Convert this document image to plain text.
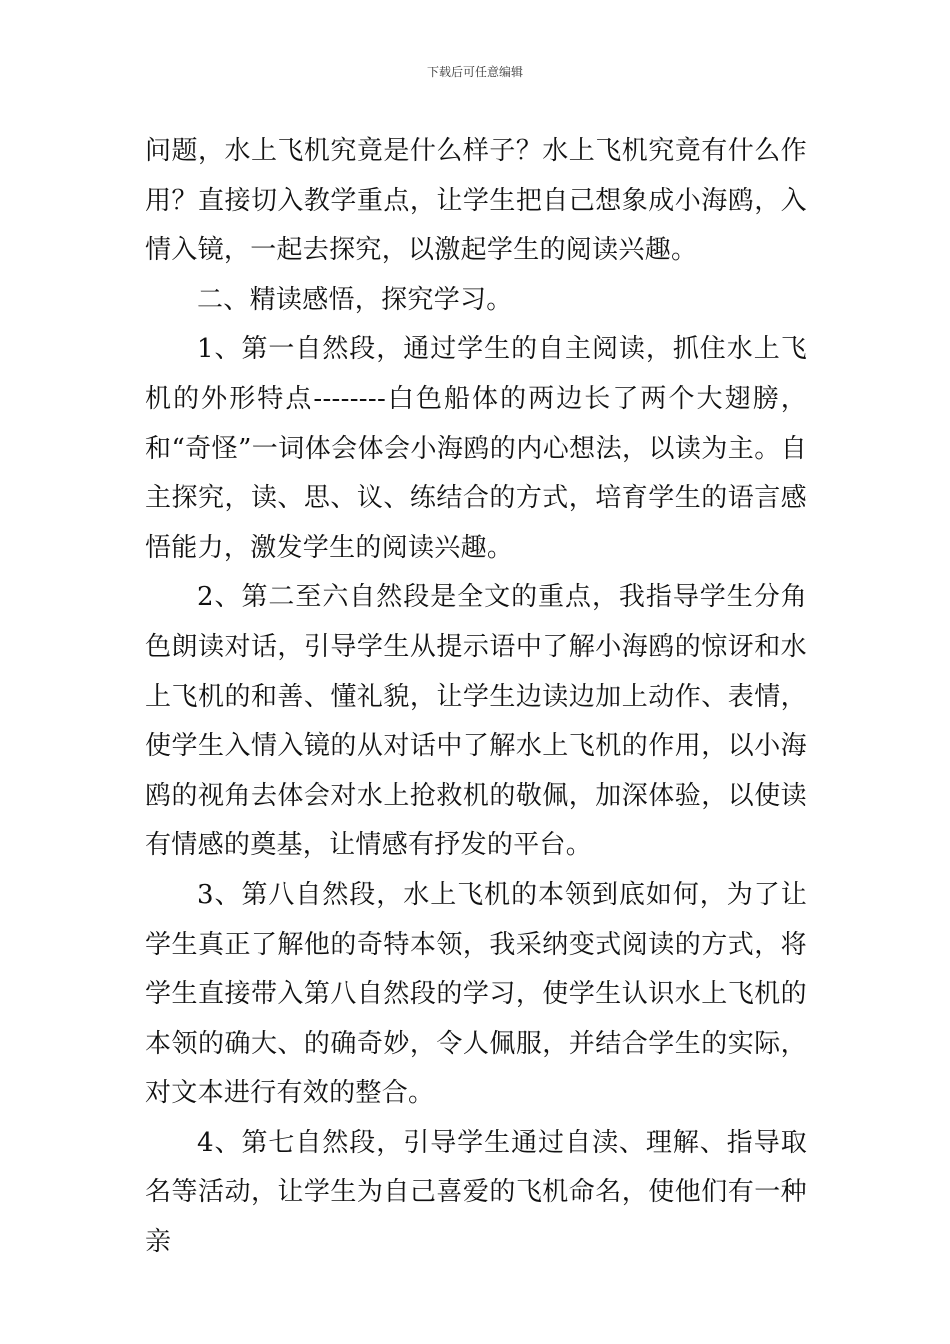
下载后可任意编辑

问题，水上飞机究竟是什么样子？水上飞机究竟有什么作用？直接切入教学重点，让学生把自己想象成小海鸥，入情入镜，一起去探究，以激起学生的阅读兴趣。

二、精读感悟，探究学习。

1、第一自然段，通过学生的自主阅读，抓住水上飞机的外形特点--------白色船体的两边长了两个大翅膀，和“奇怪”一词体会体会小海鸥的内心想法，以读为主。自主探究，读、思、议、练结合的方式，培育学生的语言感悟能力，激发学生的阅读兴趣。

2、第二至六自然段是全文的重点，我指导学生分角色朗读对话，引导学生从提示语中了解小海鸥的惊讶和水上飞机的和善、懂礼貌，让学生边读边加上动作、表情，使学生入情入镜的从对话中了解水上飞机的作用，以小海鸥的视角去体会对水上抢救机的敬佩，加深体验，以使读有情感的奠基，让情感有抒发的平台。

3、第八自然段，水上飞机的本领到底如何，为了让学生真正了解他的奇特本领，我采纳变式阅读的方式，将学生直接带入第八自然段的学习，使学生认识水上飞机的本领的确大、的确奇妙，令人佩服，并结合学生的实际，对文本进行有效的整合。

4、第七自然段，引导学生通过自渎、理解、指导取名等活动，让学生为自己喜爱的飞机命名，使他们有一种亲
